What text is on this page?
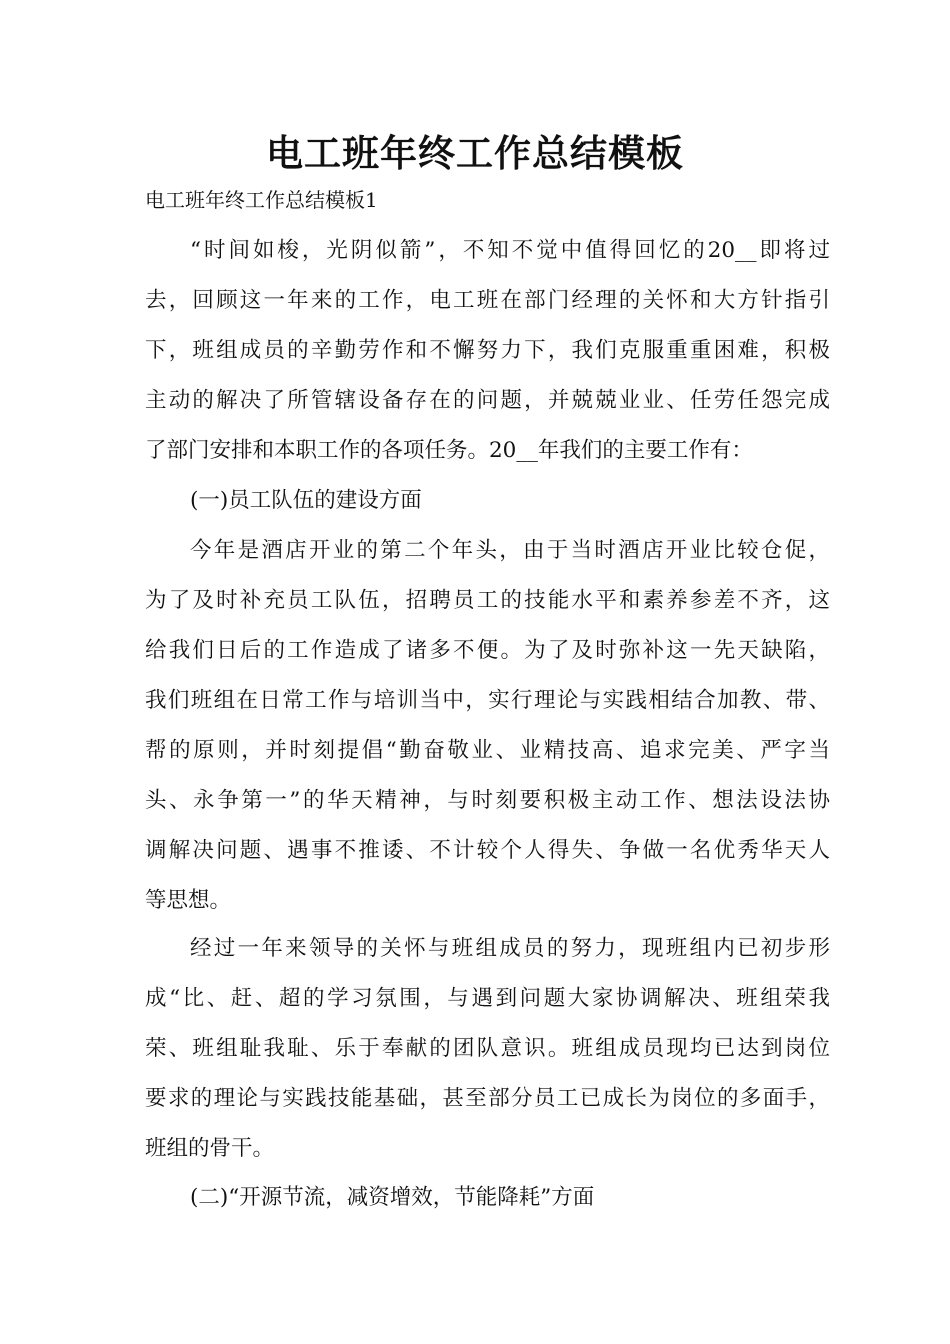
电工班年终工作总结模板
电工班年终工作总结模板1
“时间如梭，光阴似箭”，不知不觉中值得回忆的20__即将过
去，回顾这一年来的工作，电工班在部门经理的关怀和大方针指引
下，班组成员的辛勤劳作和不懈努力下，我们克服重重困难，积极
主动的解决了所管辖设备存在的问题，并兢兢业业、任劳任怨完成
了部门安排和本职工作的各项任务。20__年我们的主要工作有：
(一)员工队伍的建设方面
今年是酒店开业的第二个年头，由于当时酒店开业比较仓促，
为了及时补充员工队伍，招聘员工的技能水平和素养参差不齐，这
给我们日后的工作造成了诸多不便。为了及时弥补这一先天缺陷，
我们班组在日常工作与培训当中，实行理论与实践相结合加教、带、
帮的原则，并时刻提倡“勤奋敬业、业精技高、追求完美、严字当
头、永争第一”的华天精神，与时刻要积极主动工作、想法设法协
调解决问题、遇事不推诿、不计较个人得失、争做一名优秀华天人
等思想。
经过一年来领导的关怀与班组成员的努力，现班组内已初步形
成“比、赶、超的学习氛围，与遇到问题大家协调解决、班组荣我
荣、班组耻我耻、乐于奉献的团队意识。班组成员现均已达到岗位
要求的理论与实践技能基础，甚至部分员工已成长为岗位的多面手，
班组的骨干。
(二)“开源节流，减资增效，节能降耗”方面
